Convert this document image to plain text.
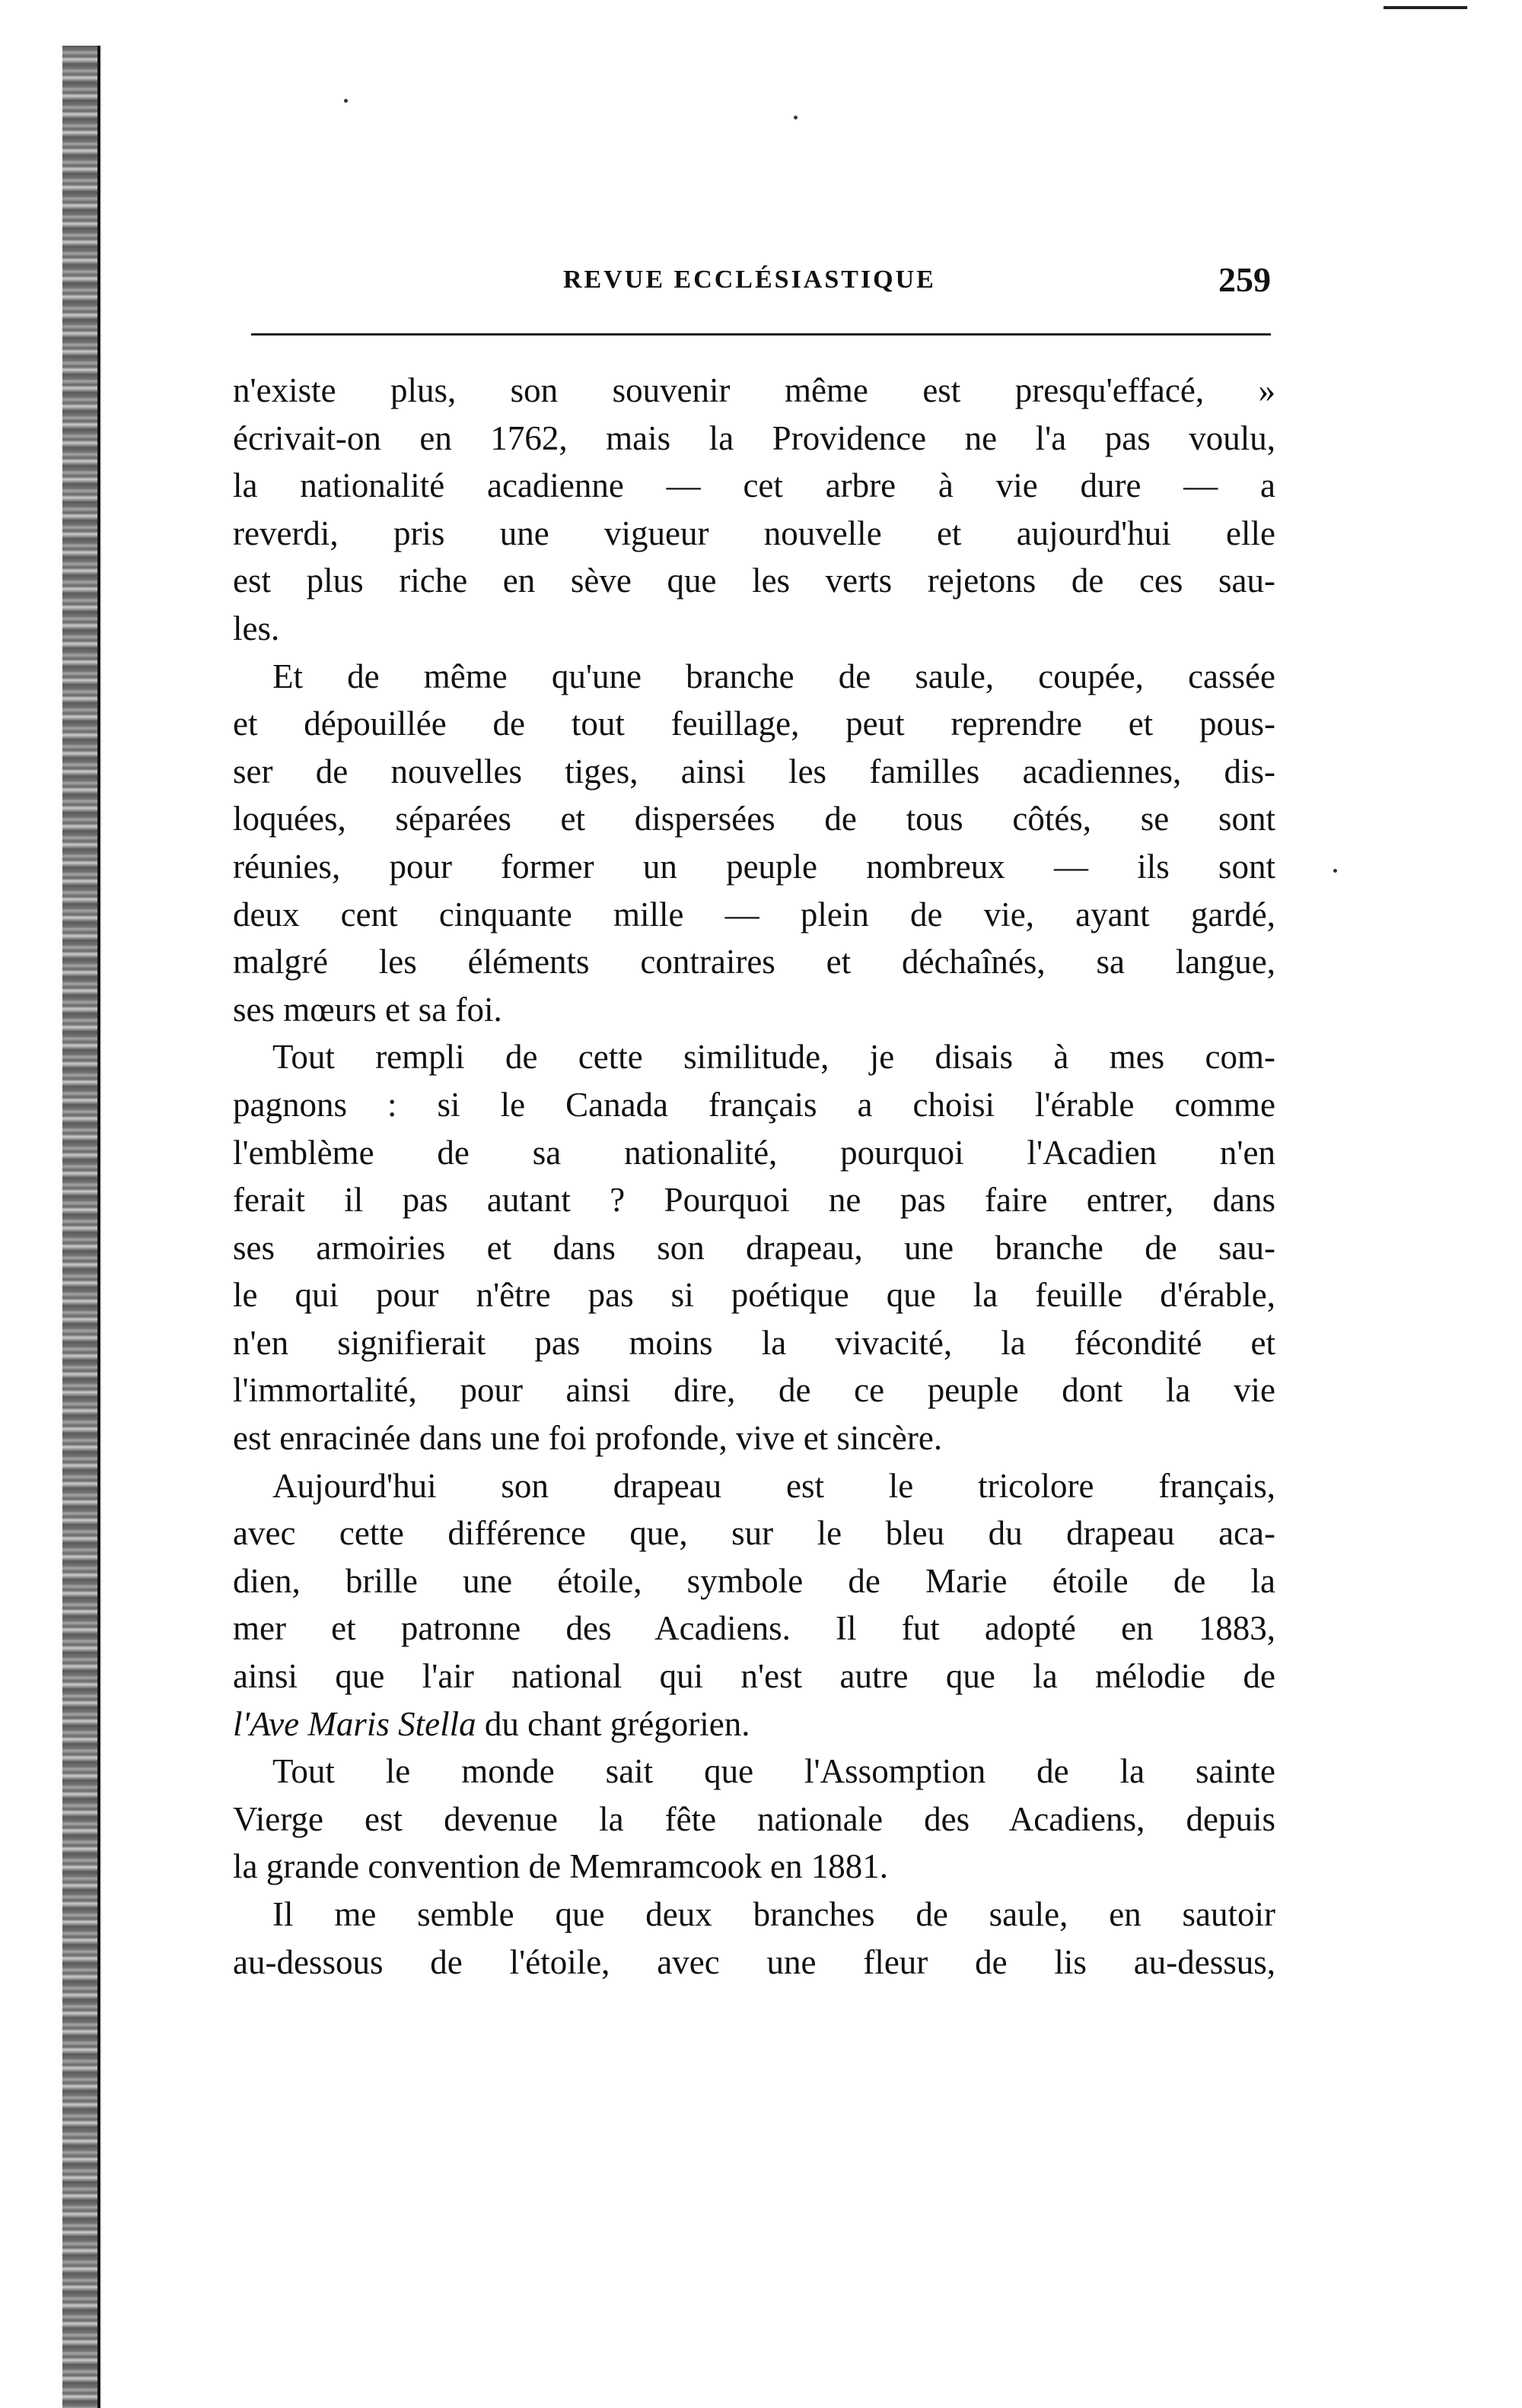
REVUE ECCLÉSIASTIQUE	259
n'existe plus, son souvenir même est presqu'effacé, »
écrivait-on en 1762, mais la Providence ne l'a pas voulu,
la nationalité acadienne — cet arbre à vie dure — a
reverdi, pris une vigueur nouvelle et aujourd'hui elle
est plus riche en sève que les verts rejetons de ces sau-
les.
Et de même qu'une branche de saule, coupée, cassée
et dépouillée de tout feuillage, peut reprendre et pous-
ser de nouvelles tiges, ainsi les familles acadiennes, dis-
loquées, séparées et dispersées de tous côtés, se sont
réunies, pour former un peuple nombreux — ils sont
deux cent cinquante mille — plein de vie, ayant gardé,
malgré les éléments contraires et déchaînés, sa langue,
ses mœurs et sa foi.
Tout rempli de cette similitude, je disais à mes com-
pagnons : si le Canada français a choisi l'érable comme
l'emblème de sa nationalité, pourquoi l'Acadien n'en
ferait il pas autant ? Pourquoi ne pas faire entrer, dans
ses armoiries et dans son drapeau, une branche de sau-
le qui pour n'être pas si poétique que la feuille d'érable,
n'en signifierait pas moins la vivacité, la fécondité et
l'immortalité, pour ainsi dire, de ce peuple dont la vie
est enracinée dans une foi profonde, vive et sincère.
Aujourd'hui son drapeau est le tricolore français,
avec cette différence que, sur le bleu du drapeau aca-
dien, brille une étoile, symbole de Marie étoile de la
mer et patronne des Acadiens. Il fut adopté en 1883,
ainsi que l'air national qui n'est autre que la mélodie de
l'Ave Maris Stella du chant grégorien.
Tout le monde sait que l'Assomption de la sainte
Vierge est devenue la fête nationale des Acadiens, depuis
la grande convention de Memramcook en 1881.
Il me semble que deux branches de saule, en sautoir
au-dessous de l'étoile, avec une fleur de lis au-dessus,
